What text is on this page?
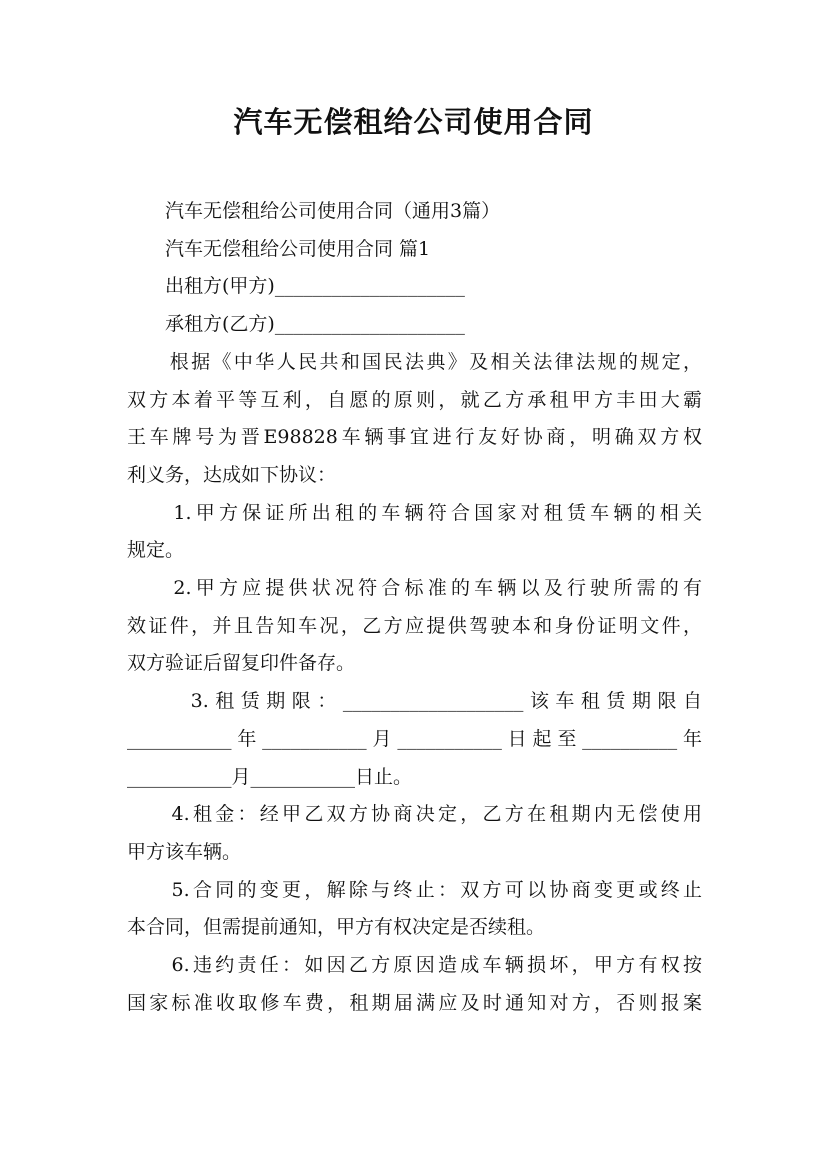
汽车无偿租给公司使用合同
　　汽车无偿租给公司使用合同（通用3篇）
　　汽车无偿租给公司使用合同 篇1
　　出租方(甲方)____________________
　　承租方(乙方)____________________
　　根据《中华人民共和国民法典》及相关法律法规的规定，
双方本着平等互利，自愿的原则，就乙方承租甲方丰田大霸
王车牌号为晋E98828车辆事宜进行友好协商，明确双方权
利义务，达成如下协议：
　　1.甲方保证所出租的车辆符合国家对租赁车辆的相关
规定。
　　2.甲方应提供状况符合标准的车辆以及行驶所需的有
效证件，并且告知车况，乙方应提供驾驶本和身份证明文件，
双方验证后留复印件备存。
　　 3.租赁期限：___________________该车租赁期限自
___________年___________月___________日起至__________年
___________月___________日止。
　　4.租金：经甲乙双方协商决定，乙方在租期内无偿使用
甲方该车辆。
　　5.合同的变更，解除与终止：双方可以协商变更或终止
本合同，但需提前通知，甲方有权决定是否续租。
　　6.违约责任：如因乙方原因造成车辆损坏，甲方有权按
国家标准收取修车费，租期届满应及时通知对方，否则报案
